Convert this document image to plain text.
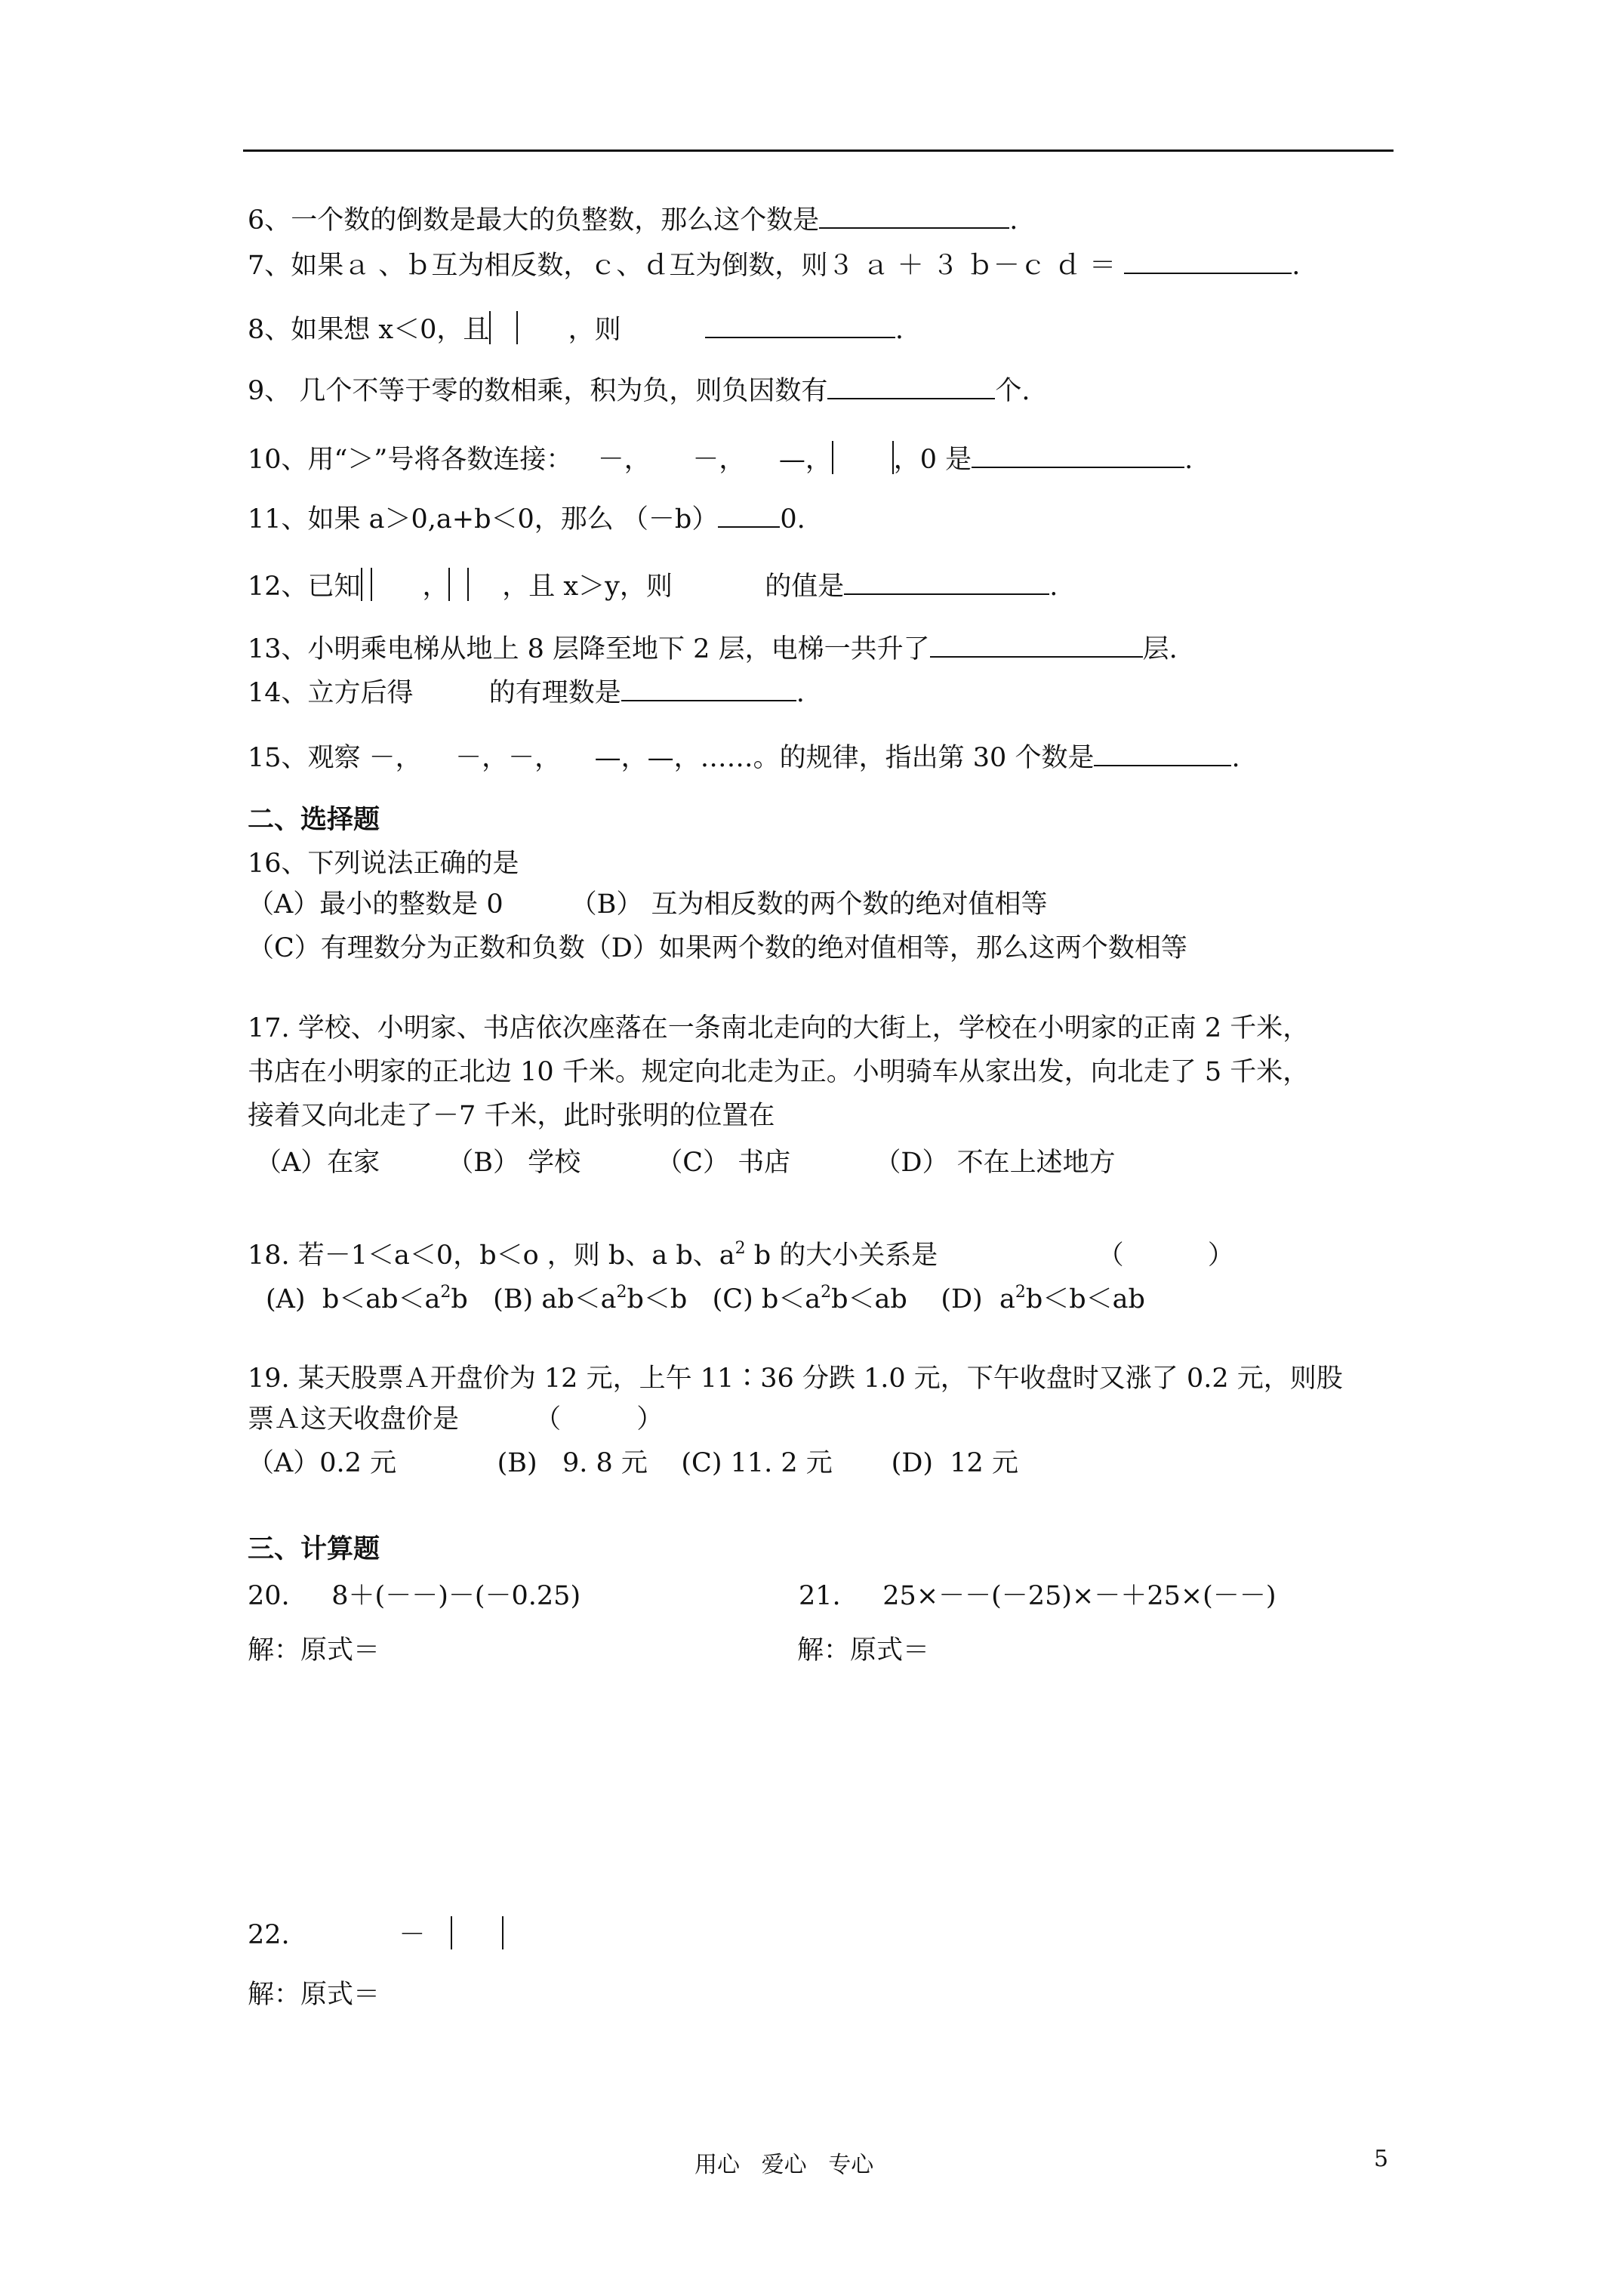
6、一个数的倒数是最大的负整数，那么这个数是	.
7、如果ａ 、ｂ互为相反数，ｃ、ｄ互为倒数，则３ ａ ＋ ３ ｂ－ｃ ｄ ＝	.
8、如果想 x＜0，且	，则	.
9、 几个不等于零的数相乘，积为负，则负因数有	个.
10、用“＞”号将各数连接：   －，     －，    —， ，0 是	.
11、如果 a＞0,a+b＜0，那么 （－b） 0.
12、已知 ， ，且 x＞y，则	的值是	.
13、小明乘电梯从地上 8 层降至地下 2 层，电梯一共升了	层.
14、立方后得	的有理数是	.
15、观察 －，    －，－，    —，—，……。的规律，指出第 30 个数是	.
二、选择题
16、下列说法正确的是
（A）最小的整数是 0        （B） 互为相反数的两个数的绝对值相等
（C）有理数分为正数和负数（D）如果两个数的绝对值相等，那么这两个数相等
17. 学校、小明家、书店依次座落在一条南北走向的大街上，学校在小明家的正南 2 千米，
书店在小明家的正北边 10 千米。规定向北走为正。小明骑车从家出发，向北走了 5 千米，
接着又向北走了－7 千米，此时张明的位置在
（A）在家        （B） 学校         （C） 书店          （D） 不在上述地方
18. 若－1＜a＜0，b＜o ，则 b、a b、$a^2$ b 的大小关系是	（          ）
(A)  $b<ab<a^2b$   (B) $ab<a^2b<b$   (C) $b<a^2b<ab$    (D)  $a^2b<b<ab$
19. 某天股票Ａ开盘价为 12 元，上午 11∶36 分跌 1.0 元，下午收盘时又涨了 0.2 元，则股
票Ａ这天收盘价是         （         ）
（A）0.2 元            (B)   9. 8 元    (C) 11. 2 元       (D)  12 元
三、计算题
20.     8＋(－－)－(－0.25)	21.     25×－－(－25)×－＋25×(－－)
解：原式＝	解：原式＝
22.	－
解：原式＝
用心   爱心   专心	5
